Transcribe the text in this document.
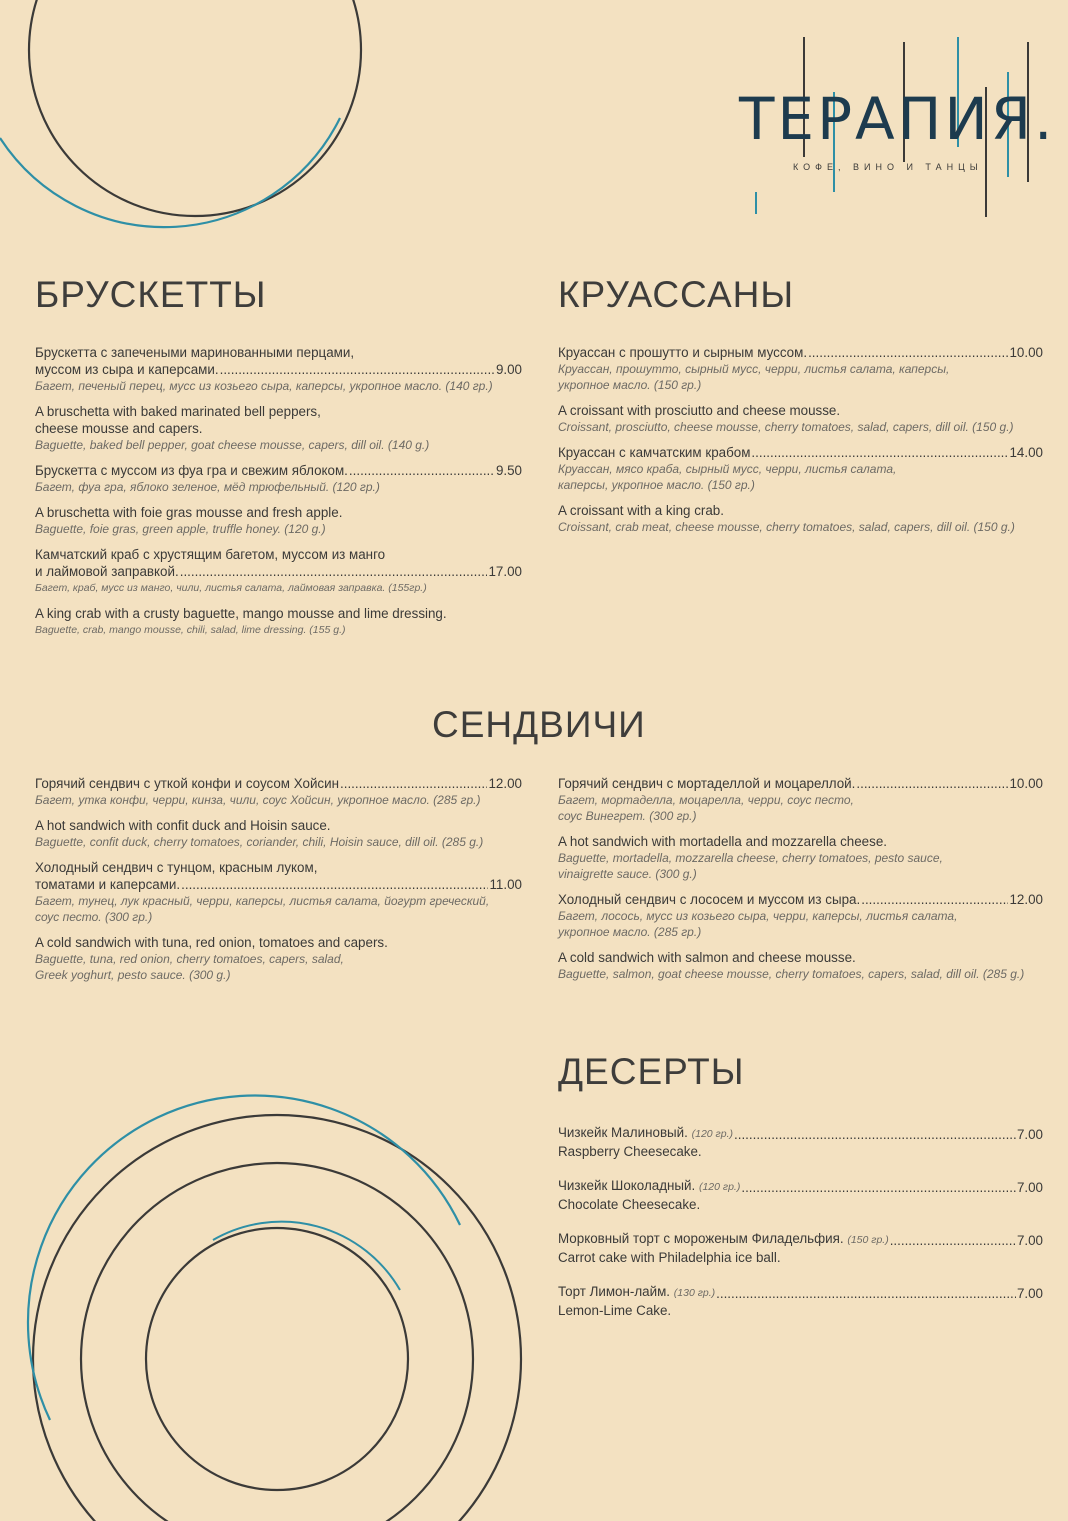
ТЕРАПИЯ.
КОФЕ, ВИНО И ТАНЦЫ
БРУСКЕТТЫ	КРУАССАНЫ
СЕНДВИЧИ
ДЕСЕРТЫ
Брускетта с запечеными маринованными перцами,
муссом из сыра и каперсами. .....	9.00
Багет, печеный перец, мусс из козьего сыра, каперсы, укропное масло. (140 гр.)
A bruschetta with baked marinated bell peppers,
cheese mousse and capers.
Baguette, baked bell pepper, goat cheese mousse, capers, dill oil. (140 g.)
Брускетта с муссом из фуа гра и свежим яблоком. .....	9.50
Багет, фуа гра, яблоко зеленое, мёд трюфельный. (120 гр.)
A bruschetta with foie gras mousse and fresh apple.
Baguette, foie gras, green apple, truffle honey. (120 g.)
Камчатский краб с хрустящим багетом, муссом из манго
и лаймовой заправкой. .....	17.00
Багет, краб, мусс из манго, чили, листья салата, лаймовая заправка. (155гр.)
A king crab with a crusty baguette, mango mousse and lime dressing.
Baguette, crab, mango mousse, chili, salad, lime dressing. (155 g.)
Круассан с прошутто и сырным муссом. .....	10.00
Круассан, прошутто, сырный мусс, черри, листья салата, каперсы,
укропное масло. (150 гр.)
A croissant with prosciutto and cheese mousse.
Croissant, prosciutto, cheese mousse, cherry tomatoes, salad, capers, dill oil. (150 g.)
Круассан с камчатским крабом .....	14.00
Круассан, мясо краба, сырный мусс, черри, листья салата,
каперсы, укропное масло. (150 гр.)
A croissant with a king crab.
Croissant, crab meat, cheese mousse, cherry tomatoes, salad, capers, dill oil. (150 g.)
Горячий сендвич с уткой конфи и соусом Хойсин .....	12.00
Багет, утка конфи, черри, кинза, чили, соус Хойсин, укропное масло. (285 гр.)
A hot sandwich with confit duck and Hoisin sauce.
Baguette, confit duck, cherry tomatoes, coriander, chili, Hoisin sauce, dill oil. (285 g.)
Холодный сендвич с тунцом, красным луком,
томатами и каперсами. .....	11.00
Багет, тунец, лук красный, черри, каперсы, листья салата, йогурт греческий,
соус песто. (300 гр.)
A cold sandwich with tuna, red onion, tomatoes and capers.
Baguette, tuna, red onion, cherry tomatoes, capers, salad,
Greek yoghurt, pesto sauce. (300 g.)
Горячий сендвич с мортаделлой и моцареллой. .....	10.00
Багет, мортаделла, моцарелла, черри, соус песто,
соус Винегрет. (300 гр.)
A hot sandwich with mortadella and mozzarella cheese.
Baguette, mortadella, mozzarella cheese, cherry tomatoes, pesto sauce,
vinaigrette sauce. (300 g.)
Холодный сендвич с лососем и муссом из сыра. .....	12.00
Багет, лосось, мусс из козьего сыра, черри, каперсы, листья салата,
укропное масло. (285 гр.)
A cold sandwich with salmon and cheese mousse.
Baguette, salmon, goat cheese mousse, cherry tomatoes, capers, salad, dill oil. (285 g.)
Чизкейк Малиновый. (120 гр.) .....	7.00
Raspberry Cheesecake.
Чизкейк Шоколадный. (120 гр.) .....	7.00
Chocolate Cheesecake.
Морковный торт с мороженым Филадельфия. (150 гр.) .....	7.00
Carrot cake with Philadelphia ice ball.
Торт Лимон-лайм. (130 гр.) .....	7.00
Lemon-Lime Cake.
